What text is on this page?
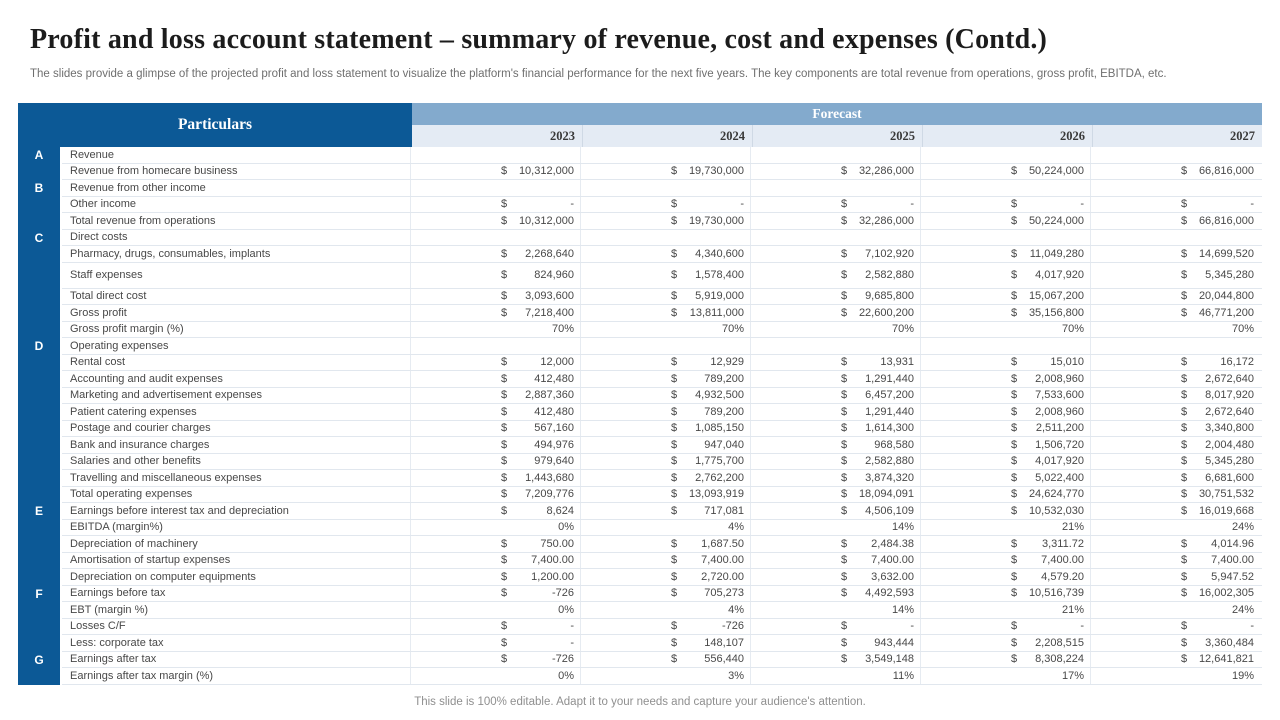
Profit and loss account statement – summary of revenue, cost and expenses (Contd.)
The slides provide a glimpse of the projected profit and loss statement to visualize the platform's financial performance for the next five years. The key components are total revenue from operations, gross profit, EBITDA, etc.
Particulars
Forecast
2023	2024	2025	2026	2027
A	Revenue
Revenue from homecare business	$ 10,312,000	$ 19,730,000	$ 32,286,000	$ 50,224,000	$ 66,816,000
B	Revenue from other income
Other income	$	-	$	-	$	-	$	-	$	-
Total revenue from operations	$ 10,312,000	$ 19,730,000	$ 32,286,000	$ 50,224,000	$ 66,816,000
C	Direct costs
Pharmacy, drugs, consumables, implants	$ 2,268,640	$ 4,340,600	$ 7,102,920	$ 11,049,280	$ 14,699,520
Staff expenses	$ 824,960	$ 1,578,400	$ 2,582,880	$ 4,017,920	$ 5,345,280
Total direct cost	$ 3,093,600	$ 5,919,000	$ 9,685,800	$ 15,067,200	$ 20,044,800
Gross profit	$ 7,218,400	$ 13,811,000	$ 22,600,200	$ 35,156,800	$ 46,771,200
Gross profit margin (%)	70%	70%	70%	70%	70%
D	Operating expenses
Rental cost	$	12,000	$	12,929	$	13,931	$	15,010	$	16,172
Accounting and audit expenses	$ 412,480	$ 789,200	$ 1,291,440	$ 2,008,960	$ 2,672,640
Marketing and advertisement expenses	$ 2,887,360	$ 4,932,500	$ 6,457,200	$ 7,533,600	$ 8,017,920
Patient catering expenses	$ 412,480	$ 789,200	$ 1,291,440	$ 2,008,960	$ 2,672,640
Postage and courier charges	$ 567,160	$ 1,085,150	$ 1,614,300	$ 2,511,200	$ 3,340,800
Bank and insurance charges	$ 494,976	$ 947,040	$ 968,580	$ 1,506,720	$ 2,004,480
Salaries and other benefits	$ 979,640	$ 1,775,700	$ 2,582,880	$ 4,017,920	$ 5,345,280
Travelling and miscellaneous expenses	$ 1,443,680	$ 2,762,200	$ 3,874,320	$ 5,022,400	$ 6,681,600
Total operating expenses	$ 7,209,776	$ 13,093,919	$ 18,094,091	$ 24,624,770	$ 30,751,532
E	Earnings before interest tax and depreciation	$	8,624	$ 717,081	$ 4,506,109	$ 10,532,030	$ 16,019,668
EBITDA (margin%)	0%	4%	14%	21%	24%
Depreciation of machinery	$	750.00	$ 1,687.50	$ 2,484.38	$ 3,311.72	$ 4,014.96
Amortisation of startup expenses	$ 7,400.00	$ 7,400.00	$ 7,400.00	$ 7,400.00	$ 7,400.00
Depreciation on computer equipments	$ 1,200.00	$ 2,720.00	$ 3,632.00	$ 4,579.20	$ 5,947.52
F	Earnings before tax	$	-726	$ 705,273	$ 4,492,593	$ 10,516,739	$ 16,002,305
EBT (margin %)	0%	4%	14%	21%	24%
Losses C/F	$	-	$	-726	$	-	$	-	$	-
Less: corporate tax	$	-	$ 148,107	$ 943,444	$ 2,208,515	$ 3,360,484
G	Earnings after tax	$	-726	$ 556,440	$ 3,549,148	$ 8,308,224	$ 12,641,821
Earnings after tax margin (%)	0%	3%	11%	17%	19%
This slide is 100% editable. Adapt it to your needs and capture your audience's attention.
